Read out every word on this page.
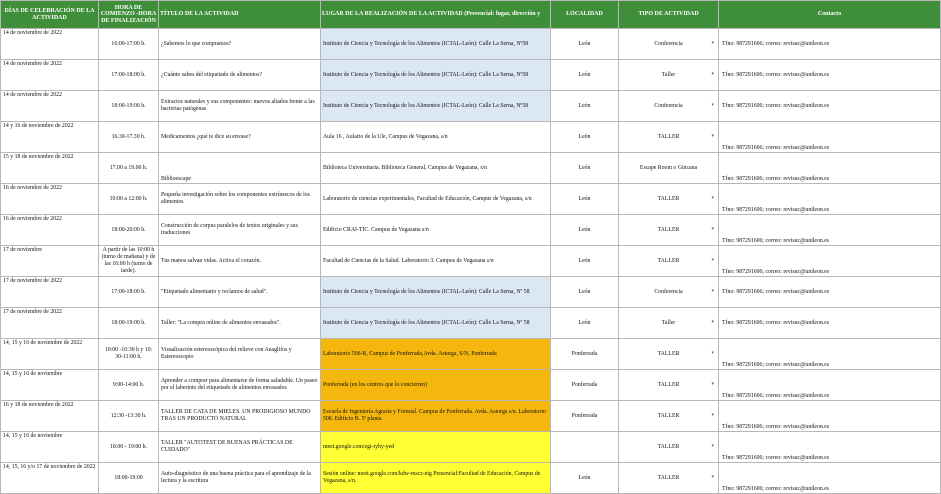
DÍAS DE CELEBRACIÓN DE LA ACTIVIDAD	HORA DE COMIENZO -HORA DE FINALIZACIÓN	TÍTULO DE LA ACTIVIDAD	LUGAR DE LA REALIZACIÓN DE LA ACTIVIDAD (Presencial: lugar, dirección y	LOCALIDAD	TIPO DE ACTIVIDAD	Contacto
14 de noviembre de 2022	16:00-17:00 h.	¿Sabemos lo que compramos?	Instituto de Ciencia y Tecnología de los Alimentos (ICTAL-León): Calle La Serna, Nº58	León	Conferencia ▾	Tfno: 987291606; correo: revisuc@unileon.es
14 de noviembre de 2022	17:00-18:00 h.	¿Cuánto sabes del etiquetado de alimentos?	Instituto de Ciencia y Tecnología de los Alimentos (ICTAL-León): Calle La Serna, Nº58	León	Taller ▾	Tfno: 987291606; correo: revisuc@unileon.es
14 de noviembre de 2022	18:00-19:00 h.	Extractos naturales y sus componentes: nuevos aliados frente a las bacterias patógenas	Instituto de Ciencia y Tecnología de los Alimentos (ICTAL-León): Calle La Serna, Nº58	León	Conferencia ▾	Tfno: 987291606; correo: revisuc@unileon.es
14 y 16 de noviembre de 2022	16.30-17.30 h.	Medicamentos ¿qué te dice su envase?	Aula 16 , Aulario de la Ule, Campus de Vegazana, s/n	León	TALLER ▾	Tfno: 987291606; correo: revisuc@unileon.es
15 y 18 de noviembre de 2022	17.00 a 19.00 h.	Biblioescape	Biblioteca Universitaria. Biblioteca General, Campus de Vegazana, s/n	León	Escape Room o Gincana	Tfno: 987291606; correo: revisuc@unileon.es
16 de noviembre de 2022	10:00 a 12:00 h.	Pequeña investigación sobre los componentes extrínsecos de los alimentos	Laboratorio de ciencias experimentales, Facultad de Educación, Campus de Vegazana, s/n	León	TALLER ▾	Tfno: 987291606; correo: revisuc@unileon.es
16 de noviembre de 2022	18:00-20:00 h.	Construcción de corpus paralelos de textos originales y sus traducciones	Edificio CRAI-TIC. Campus de Vegazana s/n	León	TALLER ▾	Tfno: 987291606; correo: revisuc@unileon.es
17 de noviembre	A partir de las 10:00 h (turno de mañana) y de las 16:00 h (turno de tarde).	Tus manos salvan vidas. Activa el corazón.	Facultad de Ciencias de la Salud. Laboratorio 3. Campus de Vegazana s/n	León	TALLER ▾	Tfno: 987291606; correo: revisuc@unileon.es
17 de noviembre de 2022	17:00-18:00 h.	"Etiquetado alimentario y reclamos de salud".	Instituto de Ciencia y Tecnología de los Alimentos (ICTAL-León): Calle La Serna, Nº 58	León	Conferencia ▾	Tfno: 987291606; correo: revisuc@unileon.es
17 de noviembre de 2022	18:00-19:00 h.	Taller: "La compra online de alimentos envasados".	Instituto de Ciencia y Tecnología de los Alimentos (ICTAL-León): Calle La Serna, Nº 58	León	Taller ▾	Tfno: 987291606; correo: revisuc@unileon.es
14, 15 y 16 de noviembre de 2022	10:00 -10:30 h y 10: 30-11:00 h.	Visualización estereoscópica del relieve con Anaglifos y Estereoscopio	Laboratorio 506-B, Campus de Ponferrada,Avda. Astorga, S/N, Ponferrada	Ponferrada	TALLER ▾	Tfno: 987291606; correo: revisuc@unileon.es
14, 15 y 16 de noviembre	9:00-14:00 h.	Aprender a comprar para alimentarse de forma saludable. Un paseo por el laberinto del etiquetado de alimentos envasados	Ponferrada (en los centros que lo concierten)	Ponferrada	TALLER ▾	Tfno: 987291606; correo: revisuc@unileon.es
16 y 18 de noviembre de 2022	12:30 -13:30 h.	TALLER DE CATA DE MIELES. UN PRODIGIOSO MUNDO TRAS UN PRODUCTO NATURAL	Escuela de Ingeniería Agraria y Forestal. Campus de Ponferrada. Avda. Astorga s/n. Laboratorio 508. Edificio B. 5ª planta	Ponferrada	TALLER ▾	Tfno: 987291606; correo: revisuc@unileon.es
14, 15 y 16 de noviembre	18:00 - 19:00 h.	TALLER "AUTOTEST DE BUENAS PRÁCTICAS DE CUIDADO"	meet.google.com/egi-iyhy-yed		TALLER ▾	Tfno: 987291606; correo: revisuc@unileon.es
14, 15, 16 y/o 17 de noviembre de 2022	18:00-19:00	Auto-diagnóstico de una buena práctica para el aprendizaje de la lectura y la escritura	Sesión online: meet.google.com/kdw-mscz-etg Presencial:Facultad de Educación, Campus de Vegazana, s/n.	León	TALLER ▾	Tfno: 987291606; correo: revisuc@unileon.es
